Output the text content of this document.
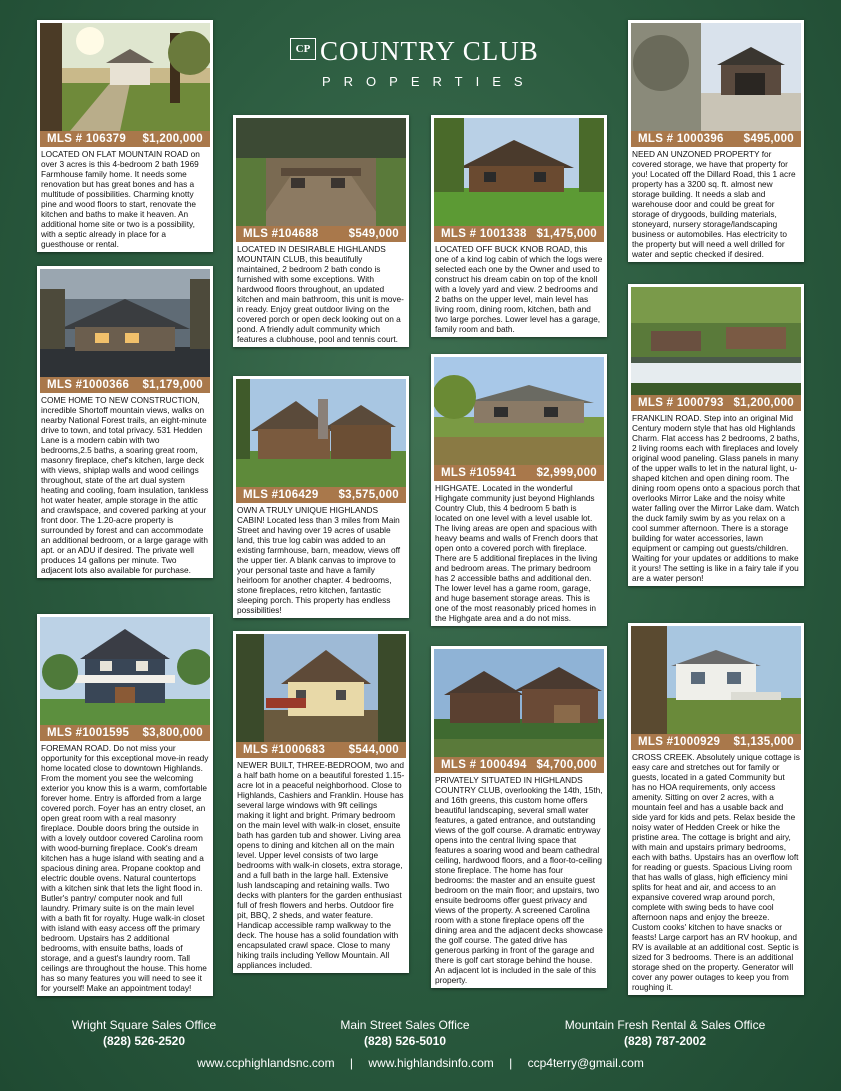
CP COUNTRY CLUB
PROPERTIES
MLS # 106379 $1,200,000

LOCATED ON FLAT MOUNTAIN ROAD on over 3 acres is this 4-bedroom 2 bath 1969 Farmhouse family home. It needs some renovation but has great bones and has a multitude of possibilities. Charming knotty pine and wood floors to start, renovate the kitchen and baths to make it heaven. An additional home site or two is a possibility, with a septic already in place for a guesthouse or rental.

MLS #1000366 $1,179,000

COME HOME TO NEW CONSTRUCTION, incredible Shortoff mountain views, walks on nearby National Forest trails, an eight-minute drive to town, and total privacy. 531 Hedden Lane is a modern cabin with two bedrooms,2.5 baths, a soaring great room, masonry fireplace, chef's kitchen, large deck with views, shiplap walls and wood ceilings throughout, state of the art dual system heating and cooling, foam insulation, tankless hot water heater, ample storage in the attic and crawlspace, and covered parking at your front door. The 1.20-acre property is surrounded by forest and can accommodate an additional bedroom, or a large garage with apt. or an ADU if desired. The private well produces 14 gallons per minute. Two adjacent lots also available for purchase.

MLS #1001595 $3,800,000

FOREMAN ROAD. Do not miss your opportunity for this exceptional move-in ready home located close to downtown Highlands. From the moment you see the welcoming exterior you know this is a warm, comfortable forever home. Entry is afforded from a large covered porch. Foyer has an entry closet, an open great room with a real masonry fireplace. Double doors bring the outside in with a lovely outdoor covered Carolina room with wood-burning fireplace. Cook's dream kitchen has a huge island with seating and a spacious dining area. Propane cooktop and electric double ovens. Natural countertops with a kitchen sink that lets the light flood in. Butler's pantry/ computer nook and full laundry. Primary suite is on the main level with a bath fit for royalty. Huge walk-in closet with island with easy access off the primary bedroom. Upstairs has 2 additional bedrooms, with ensuite baths, loads of storage, and a guest's laundry room. Tall ceilings are throughout the house. This home has so many features you will need to see it for yourself! Make an appointment today!

MLS #104688	$549,000

LOCATED IN DESIRABLE HIGHLANDS MOUNTAIN CLUB, this beautifully maintained, 2 bedroom 2 bath condo is furnished with some exceptions. With hardwood floors throughout, an updated kitchen and main bathroom, this unit is move-in ready. Enjoy great outdoor living on the covered porch or open deck looking out on a pond. A friendly adult community which features a clubhouse, pool and tennis court.

MLS #106429 $3,575,000

OWN A TRULY UNIQUE HIGHLANDS CABIN! Located less than 3 miles from Main Street and having over 19 acres of usable land, this true log cabin was added to an existing farmhouse, barn, meadow, views off the upper tier. A blank canvas to improve to your personal taste and have a family heirloom for another chapter. 4 bedrooms, stone fireplaces, retro kitchen, fantastic sleeping porch. This property has endless possibilities!

MLS #1000683 $544,000

NEWER BUILT, THREE-BEDROOM, two and a half bath home on a beautiful forested 1.15-acre lot in a peaceful neighborhood. Close to Highlands, Cashiers and Franklin. House has several large windows with 9ft ceilings making it light and bright. Primary bedroom on the main level with walk-in closet, ensuite bath has garden tub and shower. Living area opens to dining and kitchen all on the main level. Upper level consists of two large bedrooms with walk-in closets, extra storage, and a full bath in the large hall. Extensive lush landscaping and retaining walls. Two decks with planters for the garden enthusiast full of fresh flowers and herbs. Outdoor fire pit, BBQ, 2 sheds, and water feature. Handicap accessible ramp walkway to the deck. The house has a solid foundation with encapsulated crawl space. Close to many hiking trails including Yellow Mountain. All appliances included.

MLS # 1001338 $1,475,000

LOCATED OFF BUCK KNOB ROAD, this one of a kind log cabin of which the logs were selected each one by the Owner and used to construct his dream cabin on top of the knoll with a lovely yard and view. 2 bedrooms and 2 baths on the upper level, main level has living room, dining room, kitchen, bath and two large porches. Lower level has a garage, family room and bath.

MLS #105941 $2,999,000

HIGHGATE. Located in the wonderful Highgate community just beyond Highlands Country Club, this 4 bedroom 5 bath is located on one level with a level usable lot. The living areas are open and spacious with heavy beams and walls of French doors that open onto a covered porch with fireplace. There are 5 additional fireplaces in the living and bedroom areas. The primary bedroom has 2 accessible baths and additional den. The lower level has a game room, garage, and huge basement storage areas. This is one of the most reasonably priced homes in the Highgate area and a do not miss.

MLS # 1000494 $4,700,000

PRIVATELY SITUATED IN HIGHLANDS COUNTRY CLUB, overlooking the 14th, 15th, and 16th greens, this custom home offers beautiful landscaping, several small water features, a gated entrance, and outstanding views of the golf course. A dramatic entryway opens into the central living space that features a soaring wood and beam cathedral ceiling, hardwood floors, and a floor-to-ceiling stone fireplace. The home has four bedrooms: the master and an ensuite guest bedroom on the main floor; and upstairs, two ensuite bedrooms offer guest privacy and views of the property. A screened Carolina room with a stone fireplace opens off the dining area and the adjacent decks showcase the golf course. The gated drive has generous parking in front of the garage and there is golf cart storage behind the house. An adjacent lot is included in the sale of this property.

MLS # 1000396 $495,000

NEED AN UNZONED PROPERTY for covered storage, we have that property for you! Located off the Dillard Road, this 1 acre property has a 3200 sq. ft. almost new storage building. It needs a slab and warehouse door and could be great for storage of drygoods, building materials, stoneyard, nursery storage/landscaping business or automobiles. Has electricity to the property but will need a well drilled for water and septic checked if desired.

MLS # 1000793 $1,200,000

FRANKLIN ROAD. Step into an original Mid Century modern style that has old Highlands Charm. Flat access has 2 bedrooms, 2 baths, 2 living rooms each with fireplaces and lovely original wood paneling. Glass panels in many of the upper walls to let in the natural light, u-shaped kitchen and open dining room. The dining room opens onto a spacious porch that overlooks Mirror Lake and the noisy white water falling over the Mirror Lake dam. Watch the duck family swim by as you relax on a cool summer afternoon. There is a storage building for water accessories, lawn equipment or camping out guests/children. Waiting for your updates or additions to make it yours! The setting is like in a fairy tale if you are a water person!

MLS #1000929 $1,135,000

CROSS CREEK. Absolutely unique cottage is easy care and stretches out for family or guests, located in a gated Community but has no HOA requirements, only access amenity. Sitting on over 2 acres, with a mountain feel and has a usable back and side yard for kids and pets. Relax beside the noisy water of Hedden Creek or hike the pristine area. The cottage is bright and airy, with main and upstairs primary bedrooms, each with baths. Upstairs has an overflow loft for reading or guests. Spacious Living room that has walls of glass, high efficiency mini splits for heat and air, and access to an expansive covered wrap around porch, complete with swing beds to have cool afternoon naps and enjoy the breeze. Custom cooks' kitchen to have snacks or feasts! Large carport has an RV hookup, and RV is available at an additional cost. Septic is sized for 3 bedrooms. There is an additional storage shed on the property. Generator will cover any power outages to keep you from roughing it.

Wright Square Sales Office
(828) 526-2520
Main Street Sales Office
(828) 526-5010
Mountain Fresh Rental & Sales Office
(828) 787-2002
www.ccphighlandsnc.com | www.highlandsinfo.com | ccp4terry@gmail.com
